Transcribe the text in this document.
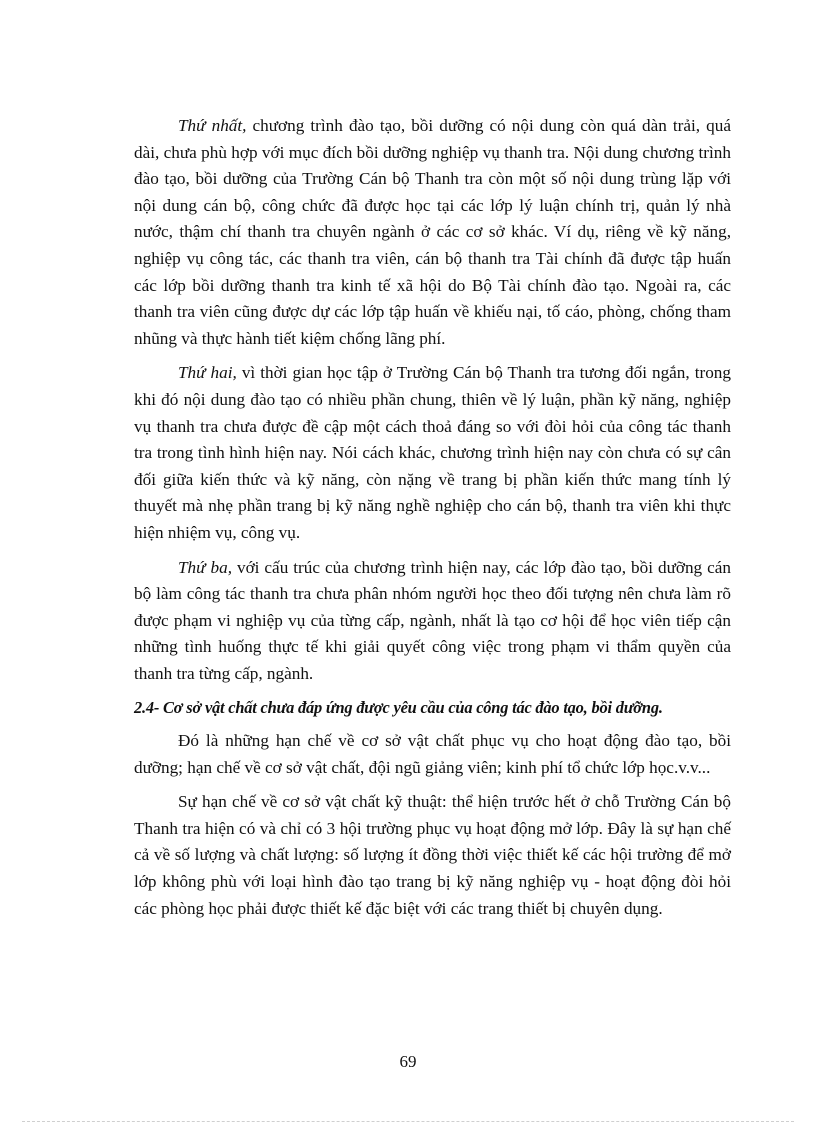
Thứ nhất, chương trình đào tạo, bồi dưỡng có nội dung còn quá dàn trải, quá dài, chưa phù hợp với mục đích bồi dưỡng nghiệp vụ thanh tra. Nội dung chương trình đào tạo, bồi dưỡng của Trường Cán bộ Thanh tra còn một số nội dung trùng lặp với nội dung cán bộ, công chức đã được học tại các lớp lý luận chính trị, quản lý nhà nước, thậm chí thanh tra chuyên ngành ở các cơ sở khác. Ví dụ, riêng về kỹ năng, nghiệp vụ công tác, các thanh tra viên, cán bộ thanh tra Tài chính đã được tập huấn các lớp bồi dưỡng thanh tra kinh tế xã hội do Bộ Tài chính đào tạo. Ngoài ra, các thanh tra viên cũng được dự các lớp tập huấn về khiếu nại, tố cáo, phòng, chống tham nhũng và thực hành tiết kiệm chống lãng phí.

Thứ hai, vì thời gian học tập ở Trường Cán bộ Thanh tra tương đối ngắn, trong khi đó nội dung đào tạo có nhiều phần chung, thiên về lý luận, phần kỹ năng, nghiệp vụ thanh tra chưa được đề cập một cách thoả đáng so với đòi hỏi của công tác thanh tra trong tình hình hiện nay. Nói cách khác, chương trình hiện nay còn chưa có sự cân đối giữa kiến thức và kỹ năng, còn nặng về trang bị phần kiến thức mang tính lý thuyết mà nhẹ phần trang bị kỹ năng nghề nghiệp cho cán bộ, thanh tra viên khi thực hiện nhiệm vụ, công vụ.

Thứ ba, với cấu trúc của chương trình hiện nay, các lớp đào tạo, bồi dưỡng cán bộ làm công tác thanh tra chưa phân nhóm người học theo đối tượng nên chưa làm rõ được phạm vi nghiệp vụ của từng cấp, ngành, nhất là tạo cơ hội để học viên tiếp cận những tình huống thực tế khi giải quyết công việc trong phạm vi thẩm quyền của thanh tra từng cấp, ngành.

2.4- Cơ sở vật chất chưa đáp ứng được yêu cầu của công tác đào tạo, bồi dưỡng.

Đó là những hạn chế về cơ sở vật chất phục vụ cho hoạt động đào tạo, bồi dưỡng; hạn chế về cơ sở vật chất, đội ngũ giảng viên; kinh phí tổ chức lớp học.v.v...

Sự hạn chế về cơ sở vật chất kỹ thuật: thể hiện trước hết ở chỗ Trường Cán bộ Thanh tra hiện có và chỉ có 3 hội trường phục vụ hoạt động mở lớp. Đây là sự hạn chế cả về số lượng và chất lượng: số lượng ít đồng thời việc thiết kế các hội trường để mở lớp không phù với loại hình đào tạo trang bị kỹ năng nghiệp vụ - hoạt động đòi hỏi các phòng học phải được thiết kế đặc biệt với các trang thiết bị chuyên dụng.

69
